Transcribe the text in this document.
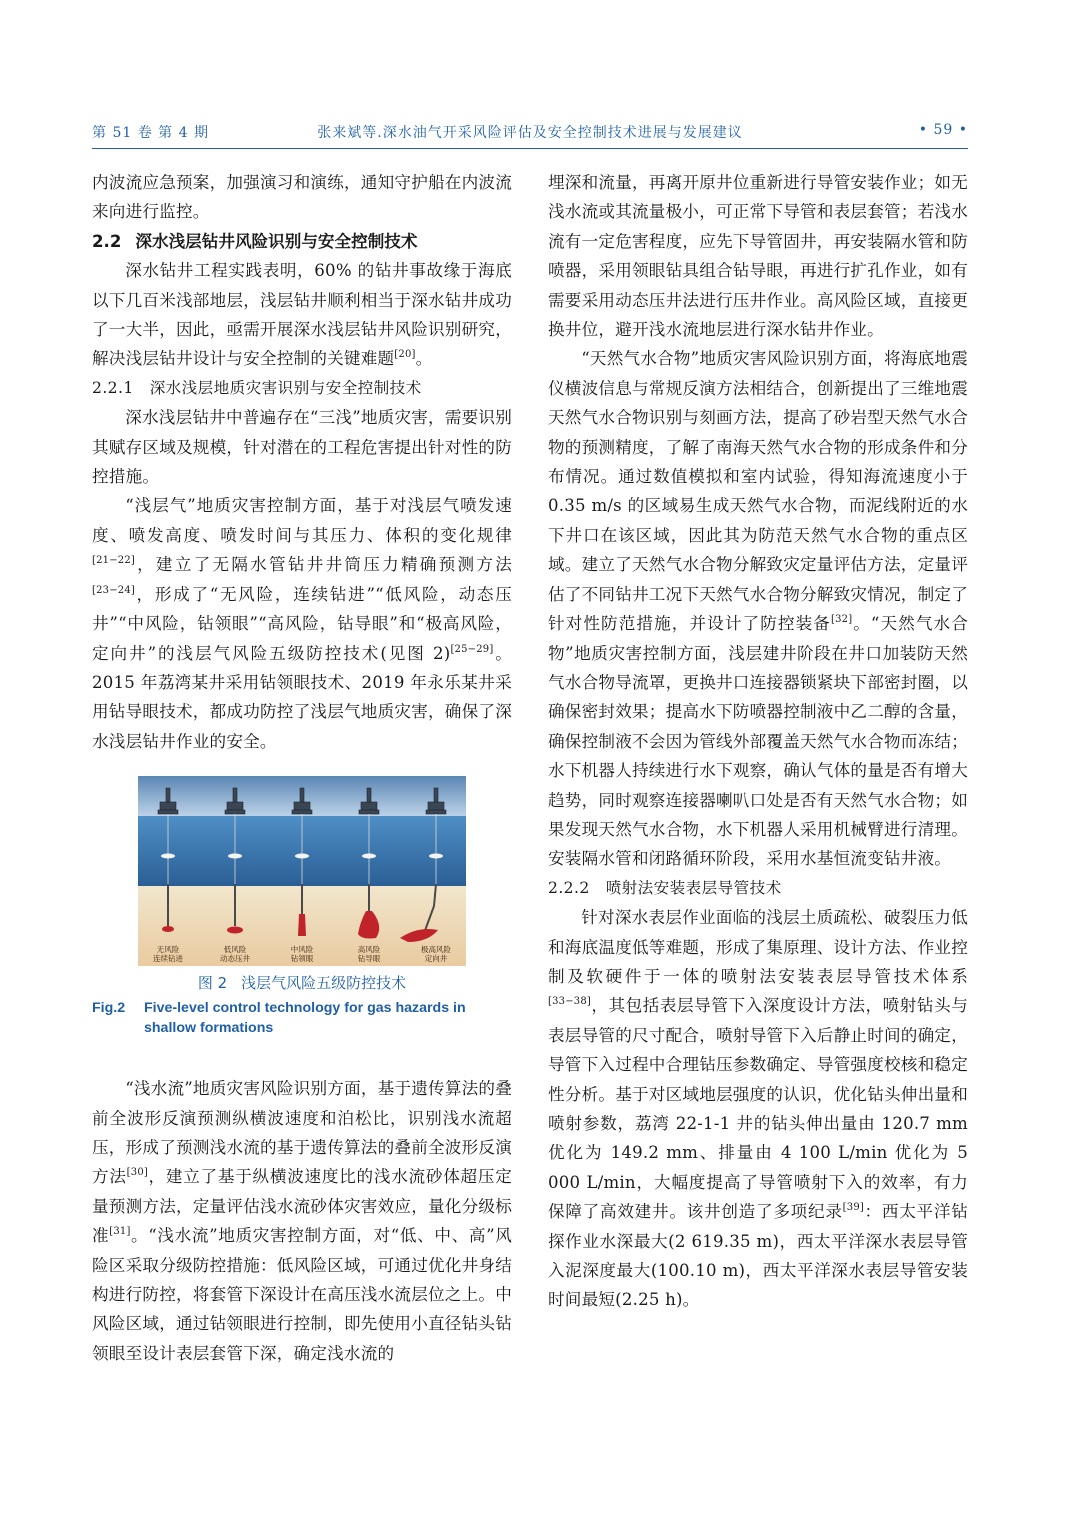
第 51 卷 第 4 期	张来斌等.深水油气开采风险评估及安全控制技术进展与发展建议	• 59 •

内波流应急预案，加强演习和演练，通知守护船在内波流来向进行监控。

2.2 深水浅层钻井风险识别与安全控制技术

深水钻井工程实践表明，60% 的钻井事故缘于海底以下几百米浅部地层，浅层钻井顺利相当于深水钻井成功了一大半，因此，亟需开展深水浅层钻井风险识别研究，解决浅层钻井设计与安全控制的关键难题[20]。

2.2.1 深水浅层地质灾害识别与安全控制技术

深水浅层钻井中普遍存在“三浅”地质灾害，需要识别其赋存区域及规模，针对潜在的工程危害提出针对性的防控措施。

“浅层气”地质灾害控制方面，基于对浅层气喷发速度、喷发高度、喷发时间与其压力、体积的变化规律[21−22]，建立了无隔水管钻井井筒压力精确预测方法[23−24]，形成了“无风险，连续钻进”“低风险，动态压井”“中风险，钻领眼”“高风险，钻导眼”和“极高风险，定向井”的浅层气风险五级防控技术(见图 2)[25−29]。2015 年荔湾某井采用钻领眼技术、2019 年永乐某井采用钻导眼技术，都成功防控了浅层气地质灾害，确保了深水浅层钻井作业的安全。

无风险
连续钻进
低风险
动态压井
中风险
钻领眼
高风险
钻导眼
极高风险
定向井
图 2 浅层气风险五级防控技术
Fig.2 Five-level control technology for gas hazards in shallow formations

“浅水流”地质灾害风险识别方面，基于遗传算法的叠前全波形反演预测纵横波速度和泊松比，识别浅水流超压，形成了预测浅水流的基于遗传算法的叠前全波形反演方法[30]，建立了基于纵横波速度比的浅水流砂体超压定量预测方法，定量评估浅水流砂体灾害效应，量化分级标准[31]。“浅水流”地质灾害控制方面，对“低、中、高”风险区采取分级防控措施：低风险区域，可通过优化井身结构进行防控，将套管下深设计在高压浅水流层位之上。中风险区域，通过钻领眼进行控制，即先使用小直径钻头钻领眼至设计表层套管下深，确定浅水流的

埋深和流量，再离开原井位重新进行导管安装作业；如无浅水流或其流量极小，可正常下导管和表层套管；若浅水流有一定危害程度，应先下导管固井，再安装隔水管和防喷器，采用领眼钻具组合钻导眼，再进行扩孔作业，如有需要采用动态压井法进行压井作业。高风险区域，直接更换井位，避开浅水流地层进行深水钻井作业。

“天然气水合物”地质灾害风险识别方面，将海底地震仪横波信息与常规反演方法相结合，创新提出了三维地震天然气水合物识别与刻画方法，提高了砂岩型天然气水合物的预测精度，了解了南海天然气水合物的形成条件和分布情况。通过数值模拟和室内试验，得知海流速度小于 0.35 m/s 的区域易生成天然气水合物，而泥线附近的水下井口在该区域，因此其为防范天然气水合物的重点区域。建立了天然气水合物分解致灾定量评估方法，定量评估了不同钻井工况下天然气水合物分解致灾情况，制定了针对性防范措施，并设计了防控装备[32]。“天然气水合物”地质灾害控制方面，浅层建井阶段在井口加装防天然气水合物导流罩，更换井口连接器锁紧块下部密封圈，以确保密封效果；提高水下防喷器控制液中乙二醇的含量，确保控制液不会因为管线外部覆盖天然气水合物而冻结；水下机器人持续进行水下观察，确认气体的量是否有增大趋势，同时观察连接器喇叭口处是否有天然气水合物；如果发现天然气水合物，水下机器人采用机械臂进行清理。安装隔水管和闭路循环阶段，采用水基恒流变钻井液。

2.2.2 喷射法安装表层导管技术

针对深水表层作业面临的浅层土质疏松、破裂压力低和海底温度低等难题，形成了集原理、设计方法、作业控制及软硬件于一体的喷射法安装表层导管技术体系[33−38]，其包括表层导管下入深度设计方法，喷射钻头与表层导管的尺寸配合，喷射导管下入后静止时间的确定，导管下入过程中合理钻压参数确定、导管强度校核和稳定性分析。基于对区域地层强度的认识，优化钻头伸出量和喷射参数，荔湾 22-1-1 井的钻头伸出量由 120.7 mm 优化为 149.2 mm、排量由 4 100 L/min 优化为 5 000 L/min，大幅度提高了导管喷射下入的效率，有力保障了高效建井。该井创造了多项纪录[39]：西太平洋钻探作业水深最大(2 619.35 m)，西太平洋深水表层导管入泥深度最大(100.10 m)，西太平洋深水表层导管安装时间最短(2.25 h)。
